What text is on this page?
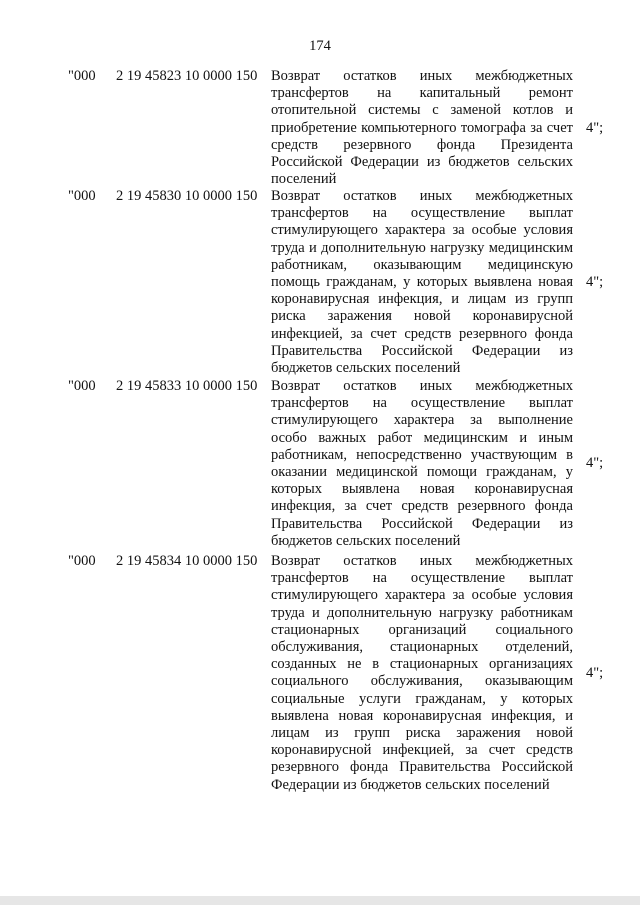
174
"000 2 19 45823 10 0000 150 Возврат остатков иных межбюджетных трансфертов на капитальный ремонт отопительной системы с заменой котлов и приобретение компьютерного томографа за счет средств резервного фонда Президента Российской Федерации из бюджетов сельских поселений
4";
"000 2 19 45830 10 0000 150 Возврат остатков иных межбюджетных трансфертов на осуществление выплат стимулирующего характера за особые условия труда и дополнительную нагрузку медицинским работникам, оказывающим медицинскую помощь гражданам, у которых выявлена новая коронавирусная инфекция, и лицам из групп риска заражения новой коронавирусной инфекцией, за счет средств резервного фонда Правительства Российской Федерации из бюджетов сельских поселений
4";
"000 2 19 45833 10 0000 150 Возврат остатков иных межбюджетных трансфертов на осуществление выплат стимулирующего характера за выполнение особо важных работ медицинским и иным работникам, непосредственно участвующим в оказании медицинской помощи гражданам, у которых выявлена новая коронавирусная инфекция, за счет средств резервного фонда Правительства Российской Федерации из бюджетов сельских поселений
4";
"000 2 19 45834 10 0000 150 Возврат остатков иных межбюджетных трансфертов на осуществление выплат стимулирующего характера за особые условия труда и дополнительную нагрузку работникам стационарных организаций социального обслуживания, стационарных отделений, созданных не в стационарных организациях социального обслуживания, оказывающим социальные услуги гражданам, у которых выявлена новая коронавирусная инфекция, и лицам из групп риска заражения новой коронавирусной инфекцией, за счет средств резервного фонда Правительства Российской Федерации из бюджетов сельских поселений
4";
